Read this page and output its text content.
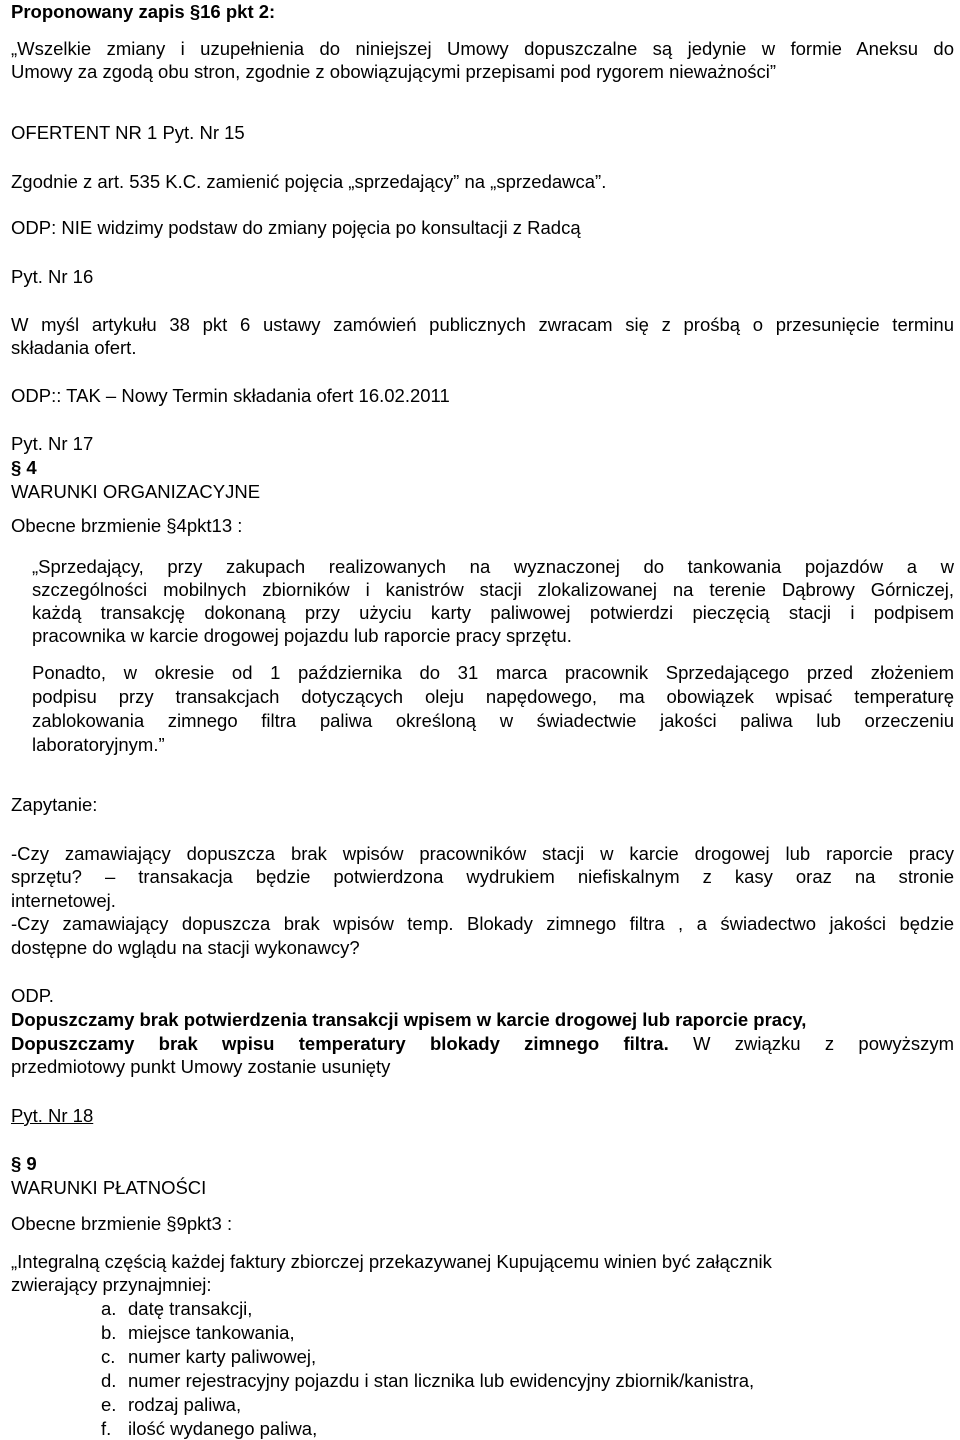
Proponowany zapis §16 pkt 2:
„Wszelkie zmiany i uzupełnienia do niniejszej Umowy dopuszczalne są jedynie w formie Aneksu do
Umowy za zgodą obu stron, zgodnie z obowiązującymi przepisami pod rygorem nieważności”
OFERTENT NR 1 Pyt. Nr 15
Zgodnie z art. 535 K.C. zamienić pojęcia „sprzedający” na „sprzedawca”.
ODP: NIE widzimy podstaw do zmiany pojęcia po konsultacji z Radcą
Pyt. Nr 16
W myśl artykułu 38 pkt 6 ustawy zamówień publicznych zwracam się z prośbą o przesunięcie terminu
składania ofert.
ODP:: TAK – Nowy Termin składania ofert 16.02.2011
Pyt. Nr 17
§ 4
WARUNKI ORGANIZACYJNE
Obecne brzmienie §4pkt13 :
„Sprzedający, przy zakupach realizowanych na wyznaczonej do tankowania pojazdów a w
szczególności mobilnych zbiorników i kanistrów stacji zlokalizowanej na terenie Dąbrowy Górniczej,
każdą transakcję dokonaną przy użyciu karty paliwowej potwierdzi pieczęcią stacji i podpisem
pracownika w karcie drogowej pojazdu lub raporcie pracy sprzętu.
Ponadto, w okresie od 1 października do 31 marca pracownik Sprzedającego przed złożeniem
podpisu przy transakcjach dotyczących oleju napędowego, ma obowiązek wpisać temperaturę
zablokowania zimnego filtra paliwa określoną w świadectwie jakości paliwa lub orzeczeniu
laboratoryjnym.”
Zapytanie:
-Czy zamawiający dopuszcza brak wpisów pracowników stacji w karcie drogowej lub raporcie pracy
sprzętu? – transakacja będzie potwierdzona wydrukiem niefiskalnym z kasy oraz na stronie
internetowej.
-Czy zamawiający dopuszcza brak wpisów temp. Blokady zimnego filtra , a świadectwo jakości będzie
dostępne do wglądu na stacji wykonawcy?
ODP.
Dopuszczamy brak potwierdzenia transakcji wpisem w karcie drogowej lub raporcie pracy,
Dopuszczamy brak wpisu temperatury blokady zimnego filtra. W związku z powyższym
przedmiotowy punkt Umowy zostanie usunięty
Pyt. Nr 18
§ 9
WARUNKI PŁATNOŚCI
Obecne brzmienie §9pkt3 :
„Integralną częścią każdej faktury zbiorczej przekazywanej Kupującemu winien być załącznik
zwierający przynajmniej:
a. datę transakcji,
b. miejsce tankowania,
c. numer karty paliwowej,
d. numer rejestracyjny pojazdu i stan licznika lub ewidencyjny zbiornik/kanistra,
e. rodzaj paliwa,
f. ilość wydanego paliwa,
